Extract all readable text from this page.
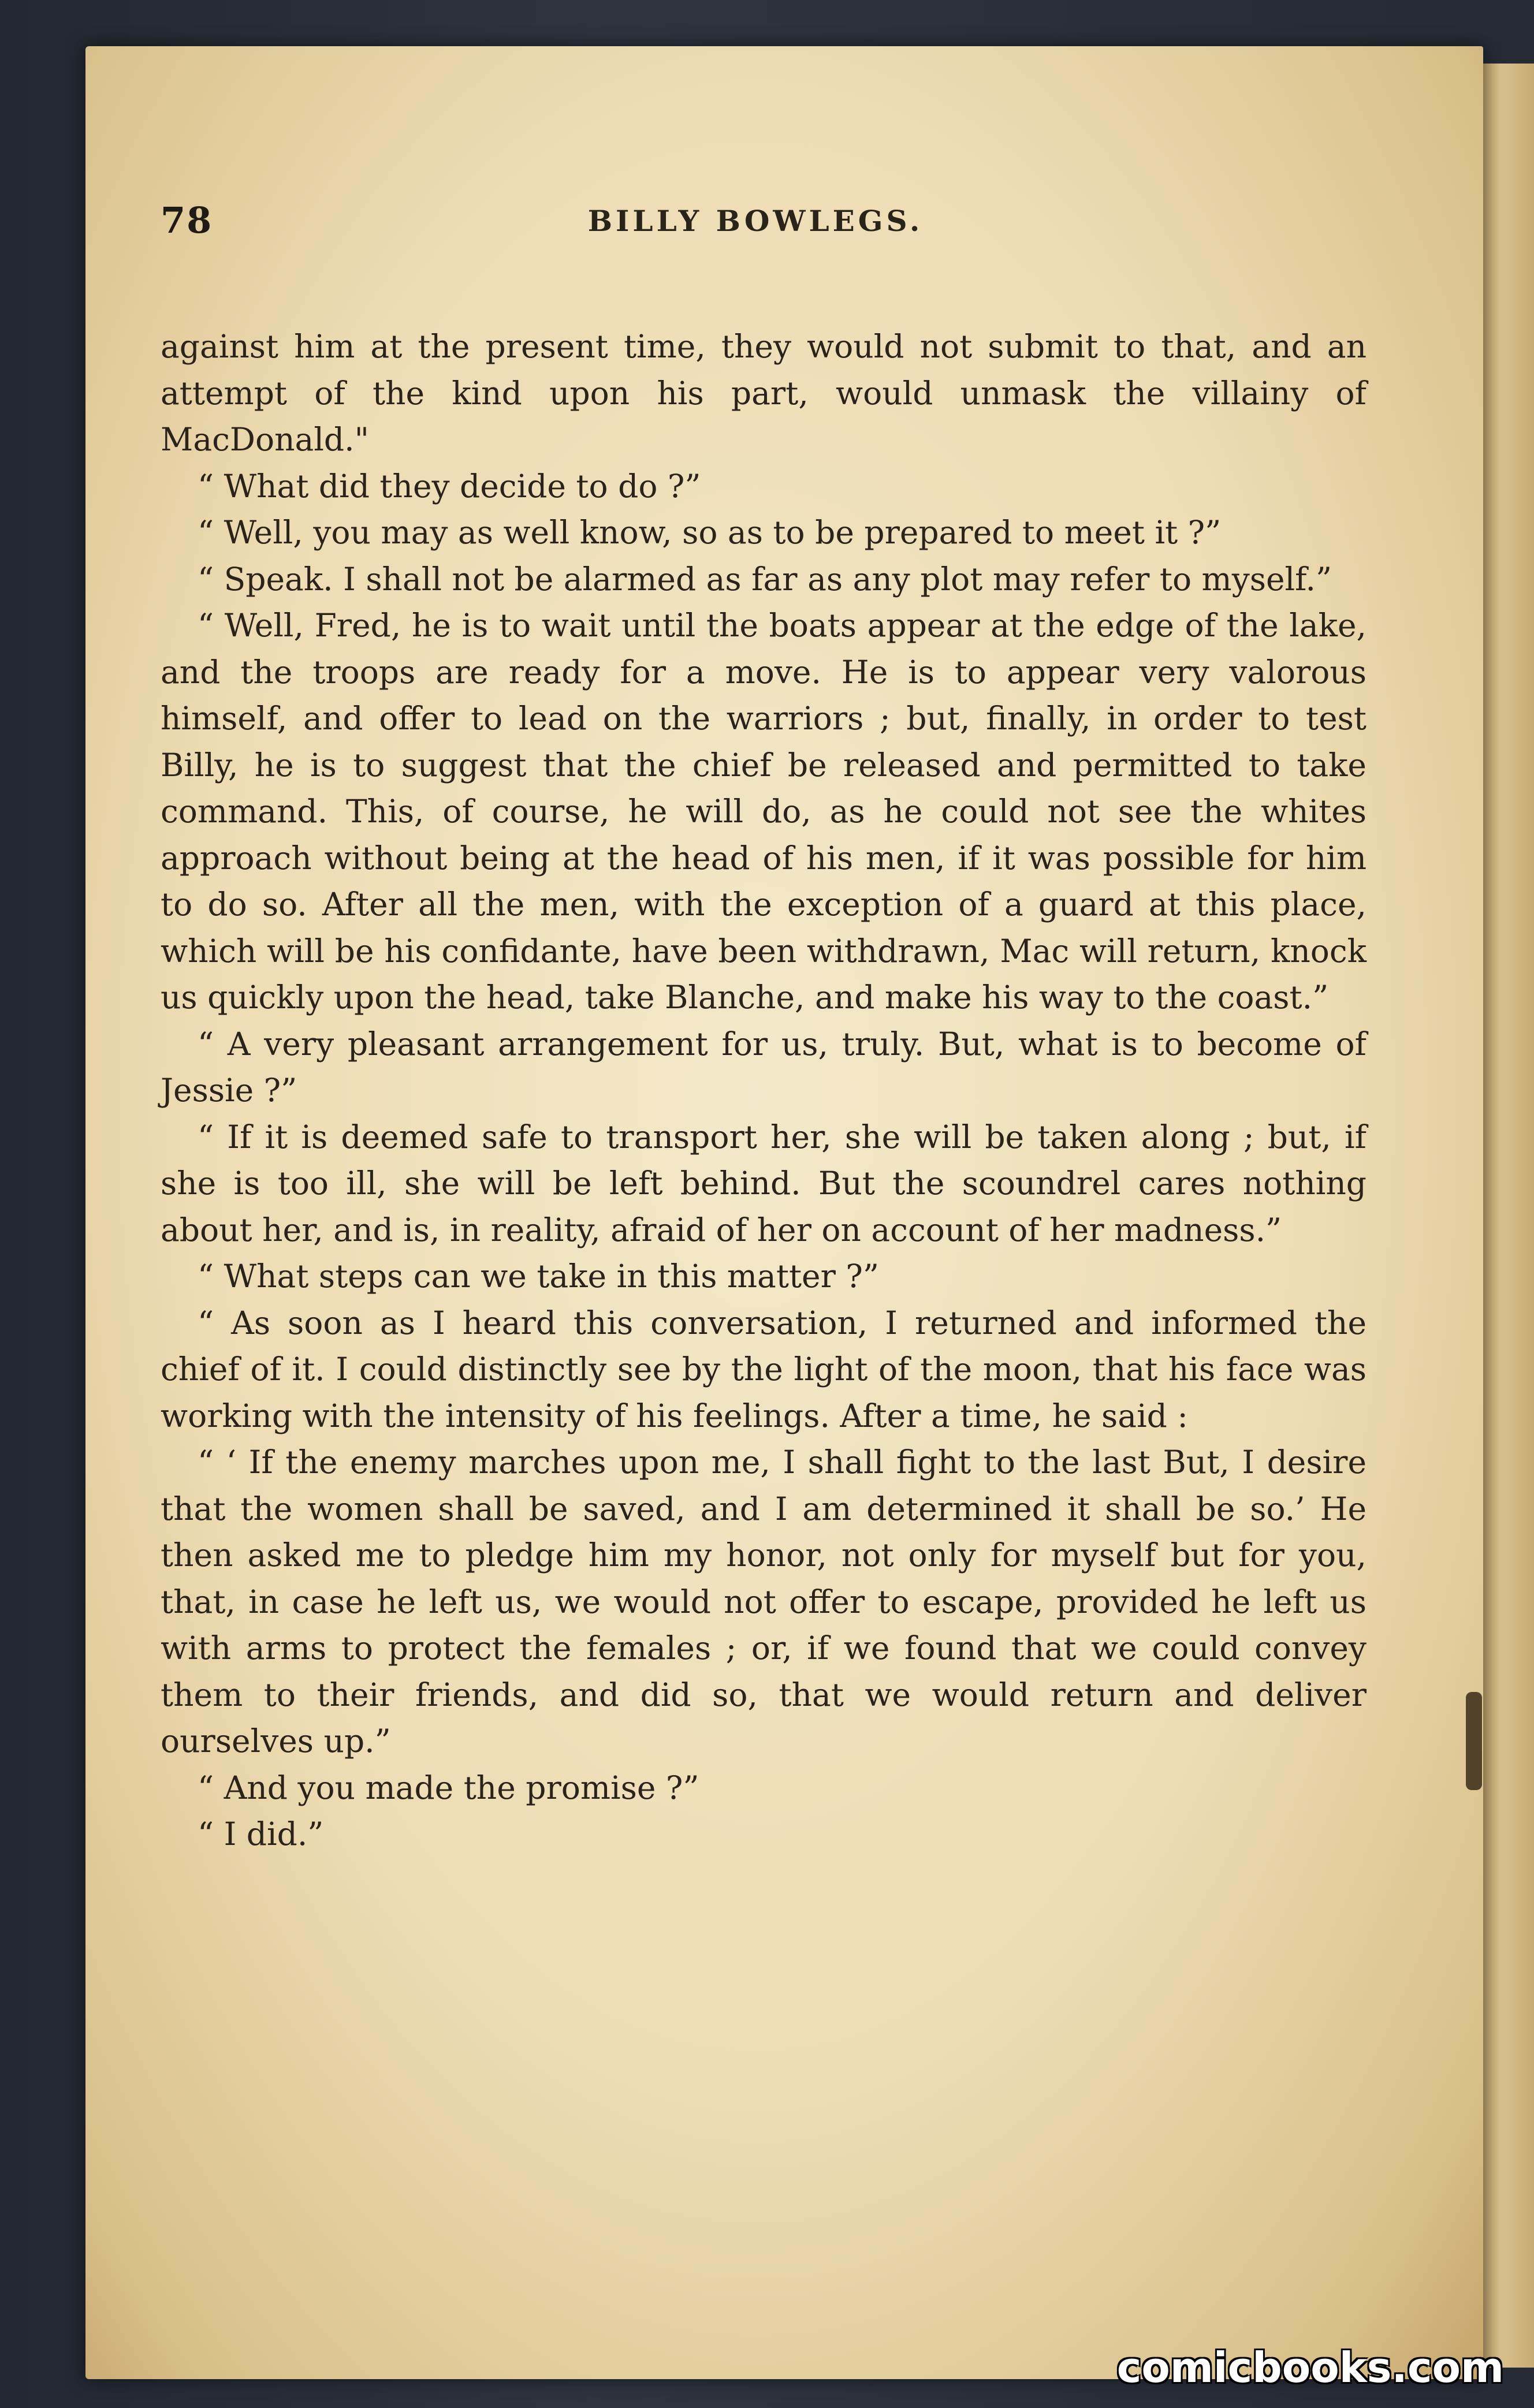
78	BILLY BOWLEGS.

against him at the present time, they would not submit to that, and an attempt of the kind upon his part, would unmask the villainy of MacDonald."

“ What did they decide to do ?”

“ Well, you may as well know, so as to be prepared to meet it ?”

“ Speak. I shall not be alarmed as far as any plot may refer to myself.”

“ Well, Fred, he is to wait until the boats appear at the edge of the lake, and the troops are ready for a move. He is to appear very valorous himself, and offer to lead on the warriors ; but, finally, in order to test Billy, he is to suggest that the chief be released and permitted to take command. This, of course, he will do, as he could not see the whites approach without being at the head of his men, if it was possible for him to do so. After all the men, with the exception of a guard at this place, which will be his confidante, have been withdrawn, Mac will return, knock us quickly upon the head, take Blanche, and make his way to the coast.”

“ A very pleasant arrangement for us, truly. But, what is to become of Jessie ?”

“ If it is deemed safe to transport her, she will be taken along ; but, if she is too ill, she will be left behind. But the scoundrel cares nothing about her, and is, in reality, afraid of her on account of her madness.”

“ What steps can we take in this matter ?”

“ As soon as I heard this conversation, I returned and informed the chief of it. I could distinctly see by the light of the moon, that his face was working with the intensity of his feelings. After a time, he said :

“ ‘ If the enemy marches upon me, I shall fight to the last But, I desire that the women shall be saved, and I am determined it shall be so.’ He then asked me to pledge him my honor, not only for myself but for you, that, in case he left us, we would not offer to escape, provided he left us with arms to protect the females ; or, if we found that we could convey them to their friends, and did so, that we would return and deliver ourselves up.”

“ And you made the promise ?”

“ I did.”

comicbooks.com
